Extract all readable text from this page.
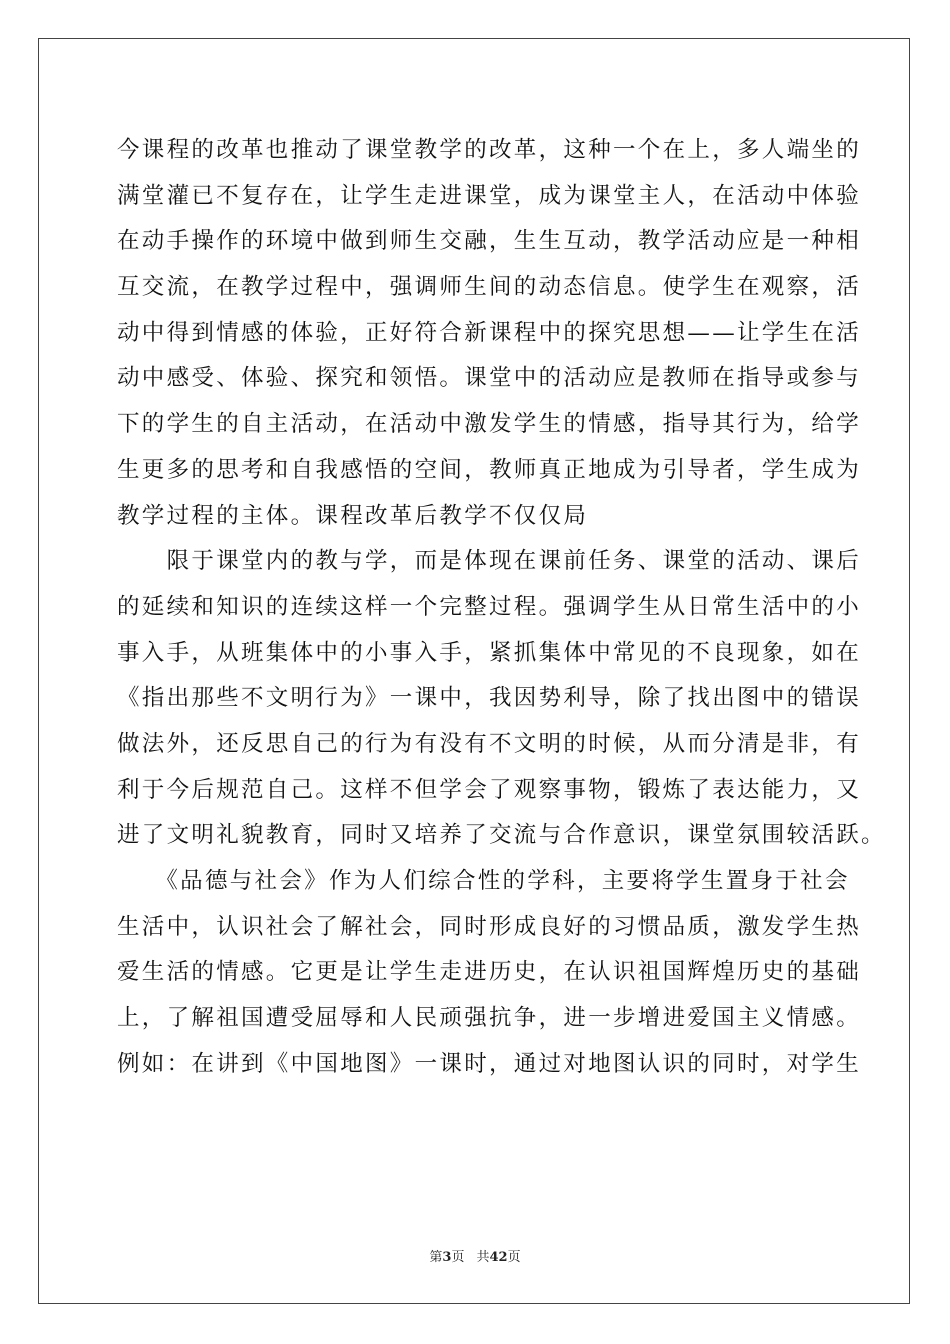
今课程的改革也推动了课堂教学的改革，这种一个在上，多人端坐的
满堂灌已不复存在，让学生走进课堂，成为课堂主人，在活动中体验
在动手操作的环境中做到师生交融，生生互动，教学活动应是一种相
互交流，在教学过程中，强调师生间的动态信息。使学生在观察，活
动中得到情感的体验，正好符合新课程中的探究思想——让学生在活
动中感受、体验、探究和领悟。课堂中的活动应是教师在指导或参与
下的学生的自主活动，在活动中激发学生的情感，指导其行为，给学
生更多的思考和自我感悟的空间，教师真正地成为引导者，学生成为
教学过程的主体。课程改革后教学不仅仅局
　　限于课堂内的教与学，而是体现在课前任务、课堂的活动、课后
的延续和知识的连续这样一个完整过程。强调学生从日常生活中的小
事入手，从班集体中的小事入手，紧抓集体中常见的不良现象，如在
《指出那些不文明行为》一课中，我因势利导，除了找出图中的错误
做法外，还反思自己的行为有没有不文明的时候，从而分清是非，有
利于今后规范自己。这样不但学会了观察事物，锻炼了表达能力，又
进了文明礼貌教育，同时又培养了交流与合作意识，课堂氛围较活跃。
　　《品德与社会》作为人们综合性的学科，主要将学生置身于社会
生活中，认识社会了解社会，同时形成良好的习惯品质，激发学生热
爱生活的情感。它更是让学生走进历史，在认识祖国辉煌历史的基础
上，了解祖国遭受屈辱和人民顽强抗争，进一步增进爱国主义情感。
例如：在讲到《中国地图》一课时，通过对地图认识的同时，对学生
第3页 共42页
